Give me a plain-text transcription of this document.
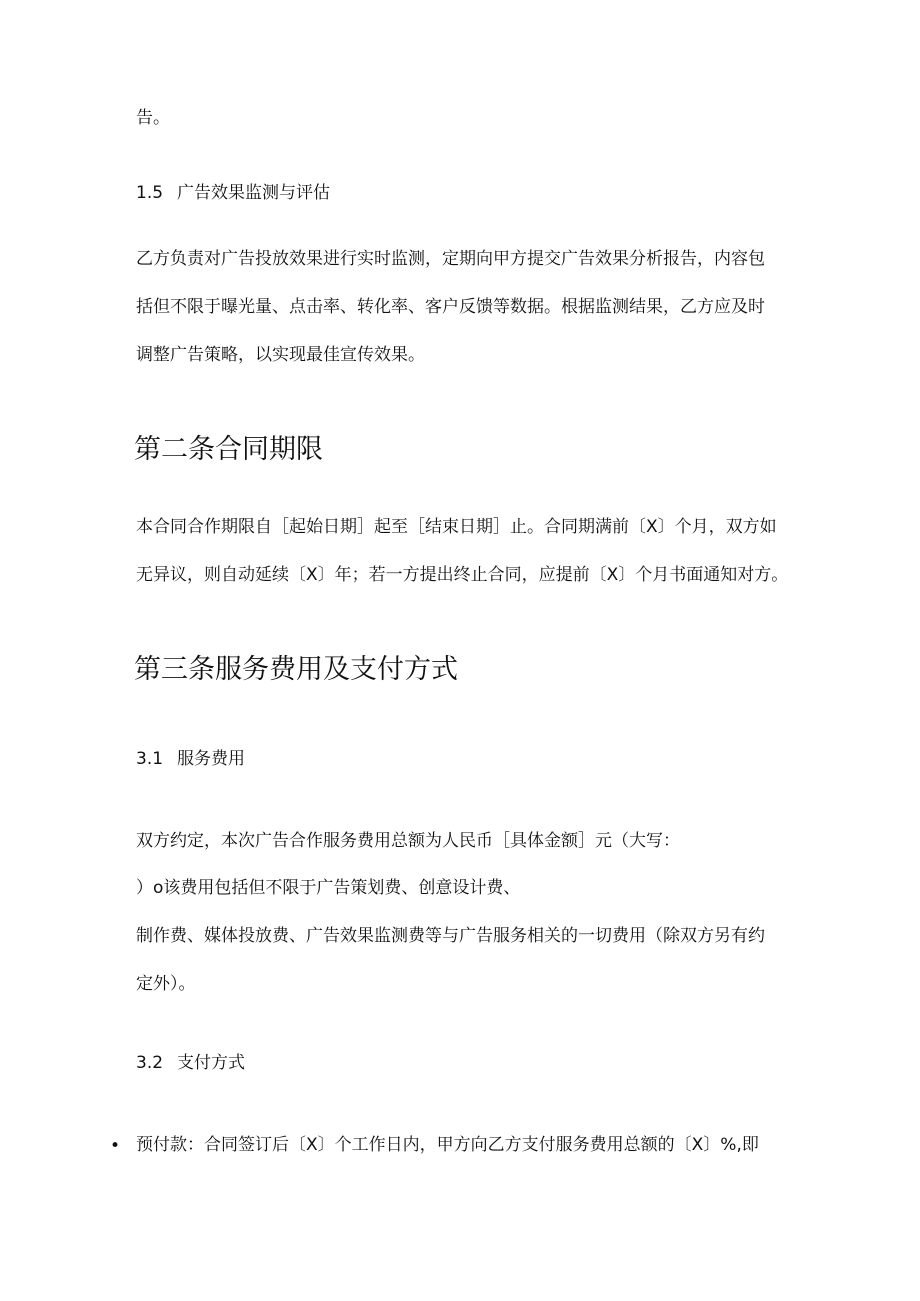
告。
1.5 广告效果监测与评估
乙方负责对广告投放效果进行实时监测，定期向甲方提交广告效果分析报告，内容包
括但不限于曝光量、点击率、转化率、客户反馈等数据。根据监测结果，乙方应及时
调整广告策略，以实现最佳宣传效果。
第二条合同期限
本合同合作期限自［起始日期］起至［结束日期］止。合同期满前〔X〕个月，双方如
无异议，则自动延续〔X〕年；若一方提出终止合同，应提前〔X〕个月书面通知对方。
第三条服务费用及支付方式
3.1 服务费用
双方约定，本次广告合作服务费用总额为人民币［具体金额］元（大写：
）o该费用包括但不限于广告策划费、创意设计费、
制作费、媒体投放费、广告效果监测费等与广告服务相关的一切费用（除双方另有约
定外）。
3.2 支付方式
• 预付款：合同签订后〔X〕个工作日内，甲方向乙方支付服务费用总额的〔X〕%,即
